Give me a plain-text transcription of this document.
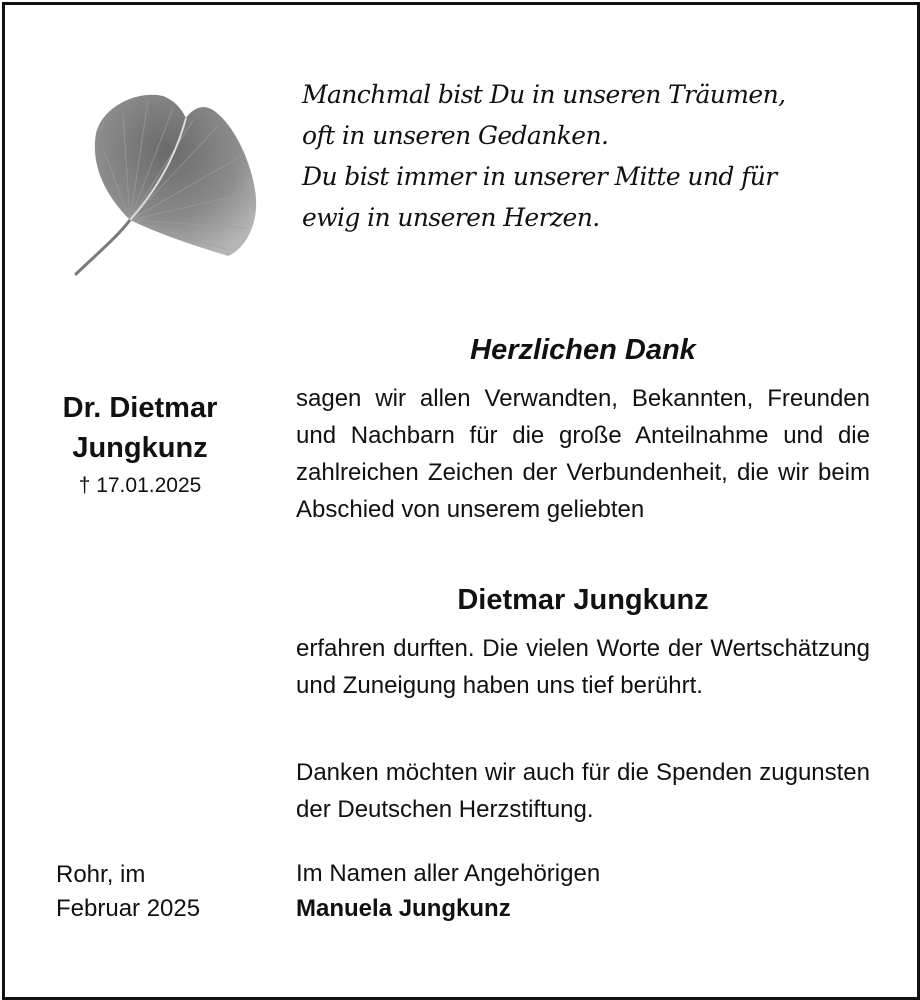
Manchmal bist Du in unseren Träumen,
oft in unseren Gedanken.
Du bist immer in unserer Mitte und für
ewig in unseren Herzen.
Dr. Dietmar
Jungkunz
† 17.01.2025
Herzlichen Dank
sagen wir allen Verwandten, Bekannten, Freunden und Nachbarn für die große Anteilnahme und die zahlreichen Zeichen der Verbundenheit, die wir beim Abschied von unserem geliebten
Dietmar Jungkunz
erfahren durften. Die vielen Worte der Wertschätzung und Zuneigung haben uns tief berührt.
Danken möchten wir auch für die Spenden zugunsten der Deutschen Herzstiftung.
Rohr, im
Februar 2025
Im Namen aller Angehörigen
Manuela Jungkunz
